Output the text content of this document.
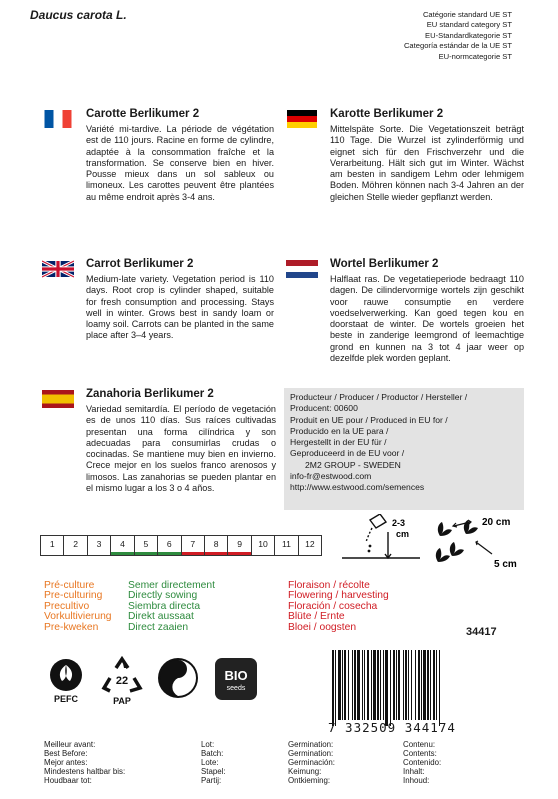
Daucus carota L.	Catégorie standard UE ST
EU standard category ST
EU-Standardkategorie ST
Categoría estándar de la UE ST
EU-normcategorie ST
Carotte Berlikumer 2
Variété mi-tardive. La période de végétation est de 110 jours. Racine en forme de cylindre, adaptée à la consommation fraîche et la transformation. Se conserve bien en hiver. Pousse mieux dans un sol sableux ou limoneux. Les carottes peuvent être plantées au même endroit après 3-4 ans.
Karotte Berlikumer 2
Mittelspäte Sorte. Die Vegetationszeit beträgt 110 Tage. Die Wurzel ist zylinderförmig und eignet sich für den Frischverzehr und die Verarbeitung. Hält sich gut im Winter. Wächst am besten in sandigem Lehm oder lehmigem Boden. Möhren können nach 3-4 Jahren an der gleichen Stelle wieder gepflanzt werden.
Carrot Berlikumer 2
Medium-late variety. Vegetation period is 110 days. Root crop is cylinder shaped, suitable for fresh consumption and processing. Stays well in winter. Grows best in sandy loam or loamy soil. Carrots can be planted in the same place after 3–4 years.
Wortel Berlikumer 2
Halflaat ras. De vegetatieperiode bedraagt 110 dagen. De cilindervormige wortels zijn geschikt voor rauwe consumptie en verdere voedselverwerking. Kan goed tegen kou en doorstaat de winter. De wortels groeien het beste in zanderige leemgrond of leemachtige grond en kunnen na 3 tot 4 jaar weer op dezelfde plek worden geplant.
Zanahoria Berlikumer 2
Variedad semitardía. El período de vegetación es de unos 110 días. Sus raíces cultivadas presentan una forma cilíndrica y son adecuadas para consumirlas crudas o cocinadas. Se mantiene muy bien en invierno. Crece mejor en los suelos franco arenosos y limosos. Las zanahorias se pueden plantar en el mismo lugar a los 3 o 4 años.
Producteur / Producer / Productor / Hersteller /
Producent: 00600
Produit en UE pour / Produced in EU for /
Producido en la UE para /
Hergestellt in der EU für /
Geproduceerd in de EU voor /
2M2 GROUP - SWEDEN
info-fr@estwood.com
http://www.estwood.com/semences
1	2	3	4	5	6	7	8	9	10	11	12
2-3
cm
20 cm
5 cm
Pré-culture
Pre-culturing
Precultivo
Vorkultivierung
Pre-kweken
Semer directement
Directly sowing
Siembra directa
Direkt aussaat
Direct zaaien
Floraison / récolte
Flowering / harvesting
Floración / cosecha
Blüte / Ernte
Bloei / oogsten	34417
PEFC
22
PAP
BIO
seeds
7 332509 344174
Meilleur avant:
Best Before:
Mejor antes:
Mindestens haltbar bis:
Houdbaar tot:
Lot:
Batch:
Lote:
Stapel:
Partij:
Germination:
Germination:
Germinación:
Keimung:
Ontkieming:
Contenu:
Contents:
Contenido:
Inhalt:
Inhoud:
